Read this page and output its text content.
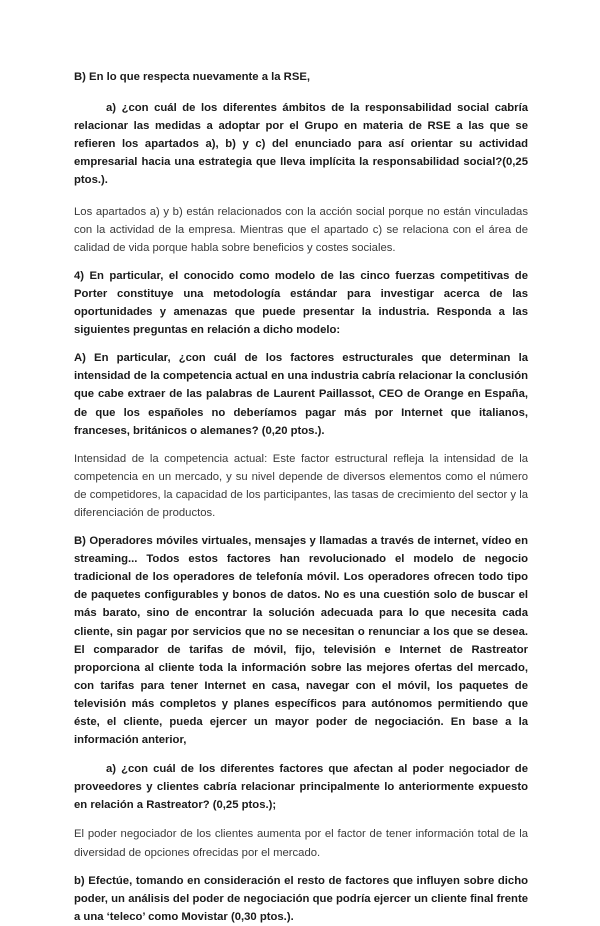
B) En lo que respecta nuevamente a la RSE,

a) ¿con cuál de los diferentes ámbitos de la responsabilidad social cabría relacionar las medidas a adoptar por el Grupo en materia de RSE a las que se refieren los apartados a), b) y c) del enunciado para así orientar su actividad empresarial hacia una estrategia que lleva implícita la responsabilidad social?(0,25 ptos.).

Los apartados a) y b) están relacionados con la acción social porque no están vinculadas con la actividad de la empresa. Mientras que el apartado c) se relaciona con el área de calidad de vida porque habla sobre beneficios y costes sociales.

4) En particular, el conocido como modelo de las cinco fuerzas competitivas de Porter constituye una metodología estándar para investigar acerca de las oportunidades y amenazas que puede presentar la industria. Responda a las siguientes preguntas en relación a dicho modelo:

A) En particular, ¿con cuál de los factores estructurales que determinan la intensidad de la competencia actual en una industria cabría relacionar la conclusión que cabe extraer de las palabras de Laurent Paillassot, CEO de Orange en España, de que los españoles no deberíamos pagar más por Internet que italianos, franceses, británicos o alemanes? (0,20 ptos.).

Intensidad de la competencia actual: Este factor estructural refleja la intensidad de la competencia en un mercado, y su nivel depende de diversos elementos como el número de competidores, la capacidad de los participantes, las tasas de crecimiento del sector y la diferenciación de productos.

B) Operadores móviles virtuales, mensajes y llamadas a través de internet, vídeo en streaming... Todos estos factores han revolucionado el modelo de negocio tradicional de los operadores de telefonía móvil. Los operadores ofrecen todo tipo de paquetes configurables y bonos de datos. No es una cuestión solo de buscar el más barato, sino de encontrar la solución adecuada para lo que necesita cada cliente, sin pagar por servicios que no se necesitan o renunciar a los que se desea. El comparador de tarifas de móvil, fijo, televisión e Internet de Rastreator proporciona al cliente toda la información sobre las mejores ofertas del mercado, con tarifas para tener Internet en casa, navegar con el móvil, los paquetes de televisión más completos y planes específicos para autónomos permitiendo que éste, el cliente, pueda ejercer un mayor poder de negociación. En base a la información anterior,

a) ¿con cuál de los diferentes factores que afectan al poder negociador de proveedores y clientes cabría relacionar principalmente lo anteriormente expuesto en relación a Rastreator? (0,25 ptos.);

El poder negociador de los clientes aumenta por el factor de tener información total de la diversidad de opciones ofrecidas por el mercado.

b) Efectúe, tomando en consideración el resto de factores que influyen sobre dicho poder, un análisis del poder de negociación que podría ejercer un cliente final frente a una ‘teleco’ como Movistar (0,30 ptos.).
